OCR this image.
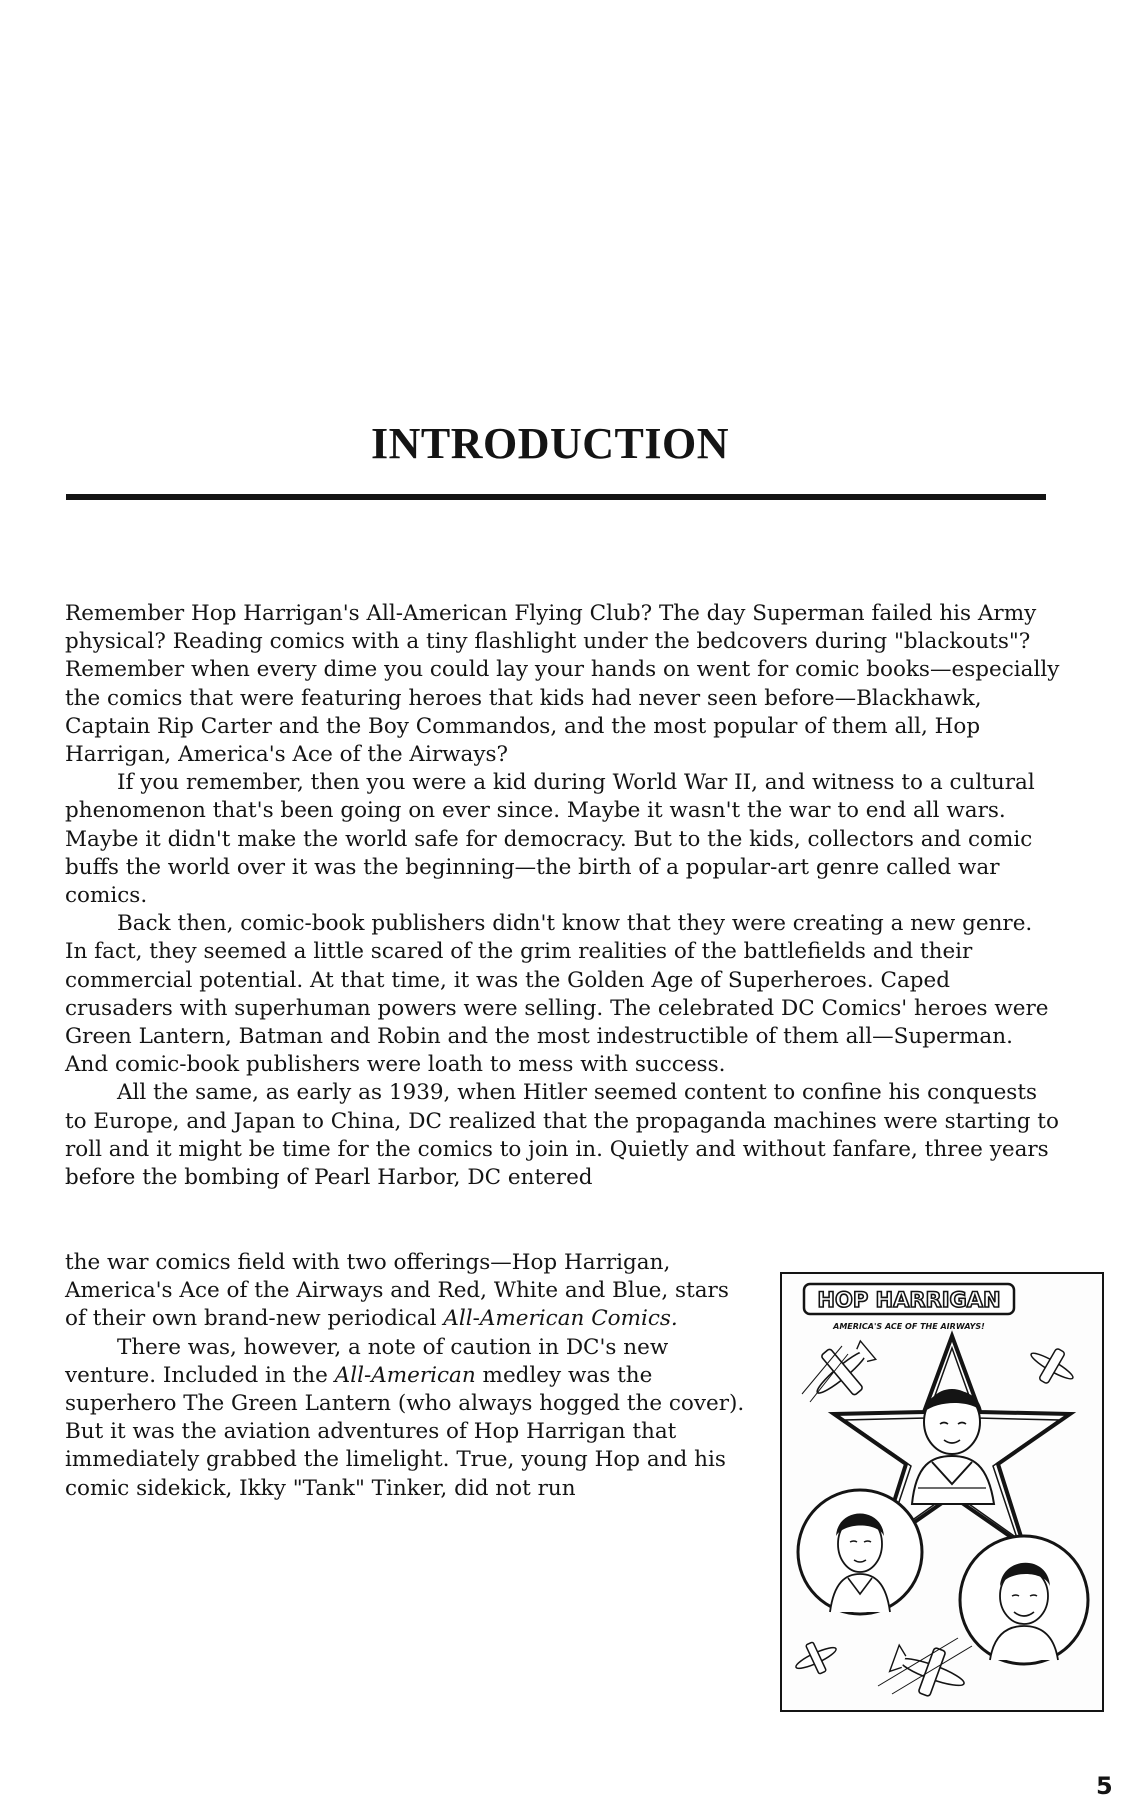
INTRODUCTION

Remember Hop Harrigan's All-American Flying Club? The day Superman failed his Army physical? Reading comics with a tiny flashlight under the bedcovers during "blackouts"? Remember when every dime you could lay your hands on went for comic books—especially the comics that were featuring heroes that kids had never seen before—Blackhawk, Captain Rip Carter and the Boy Commandos, and the most popular of them all, Hop Harrigan, America's Ace of the Airways?

If you remember, then you were a kid during World War II, and witness to a cultural phenomenon that's been going on ever since. Maybe it wasn't the war to end all wars. Maybe it didn't make the world safe for democracy. But to the kids, collectors and comic buffs the world over it was the beginning—the birth of a popular-art genre called war comics.

Back then, comic-book publishers didn't know that they were creating a new genre. In fact, they seemed a little scared of the grim realities of the battlefields and their commercial potential. At that time, it was the Golden Age of Superheroes. Caped crusaders with superhuman powers were selling. The celebrated DC Comics' heroes were Green Lantern, Batman and Robin and the most indestructible of them all—Superman. And comic-book publishers were loath to mess with success.

All the same, as early as 1939, when Hitler seemed content to confine his conquests to Europe, and Japan to China, DC realized that the propaganda machines were starting to roll and it might be time for the comics to join in. Quietly and without fanfare, three years before the bombing of Pearl Harbor, DC entered

the war comics field with two offerings—Hop Harrigan, America's Ace of the Airways and Red, White and Blue, stars of their own brand-new periodical All-American Comics.

There was, however, a note of caution in DC's new venture. Included in the All-American medley was the superhero The Green Lantern (who always hogged the cover). But it was the aviation adventures of Hop Harrigan that immediately grabbed the limelight. True, young Hop and his comic sidekick, Ikky "Tank" Tinker, did not run

HOP HARRIGAN
AMERICA'S ACE OF THE AIRWAYS!
5
